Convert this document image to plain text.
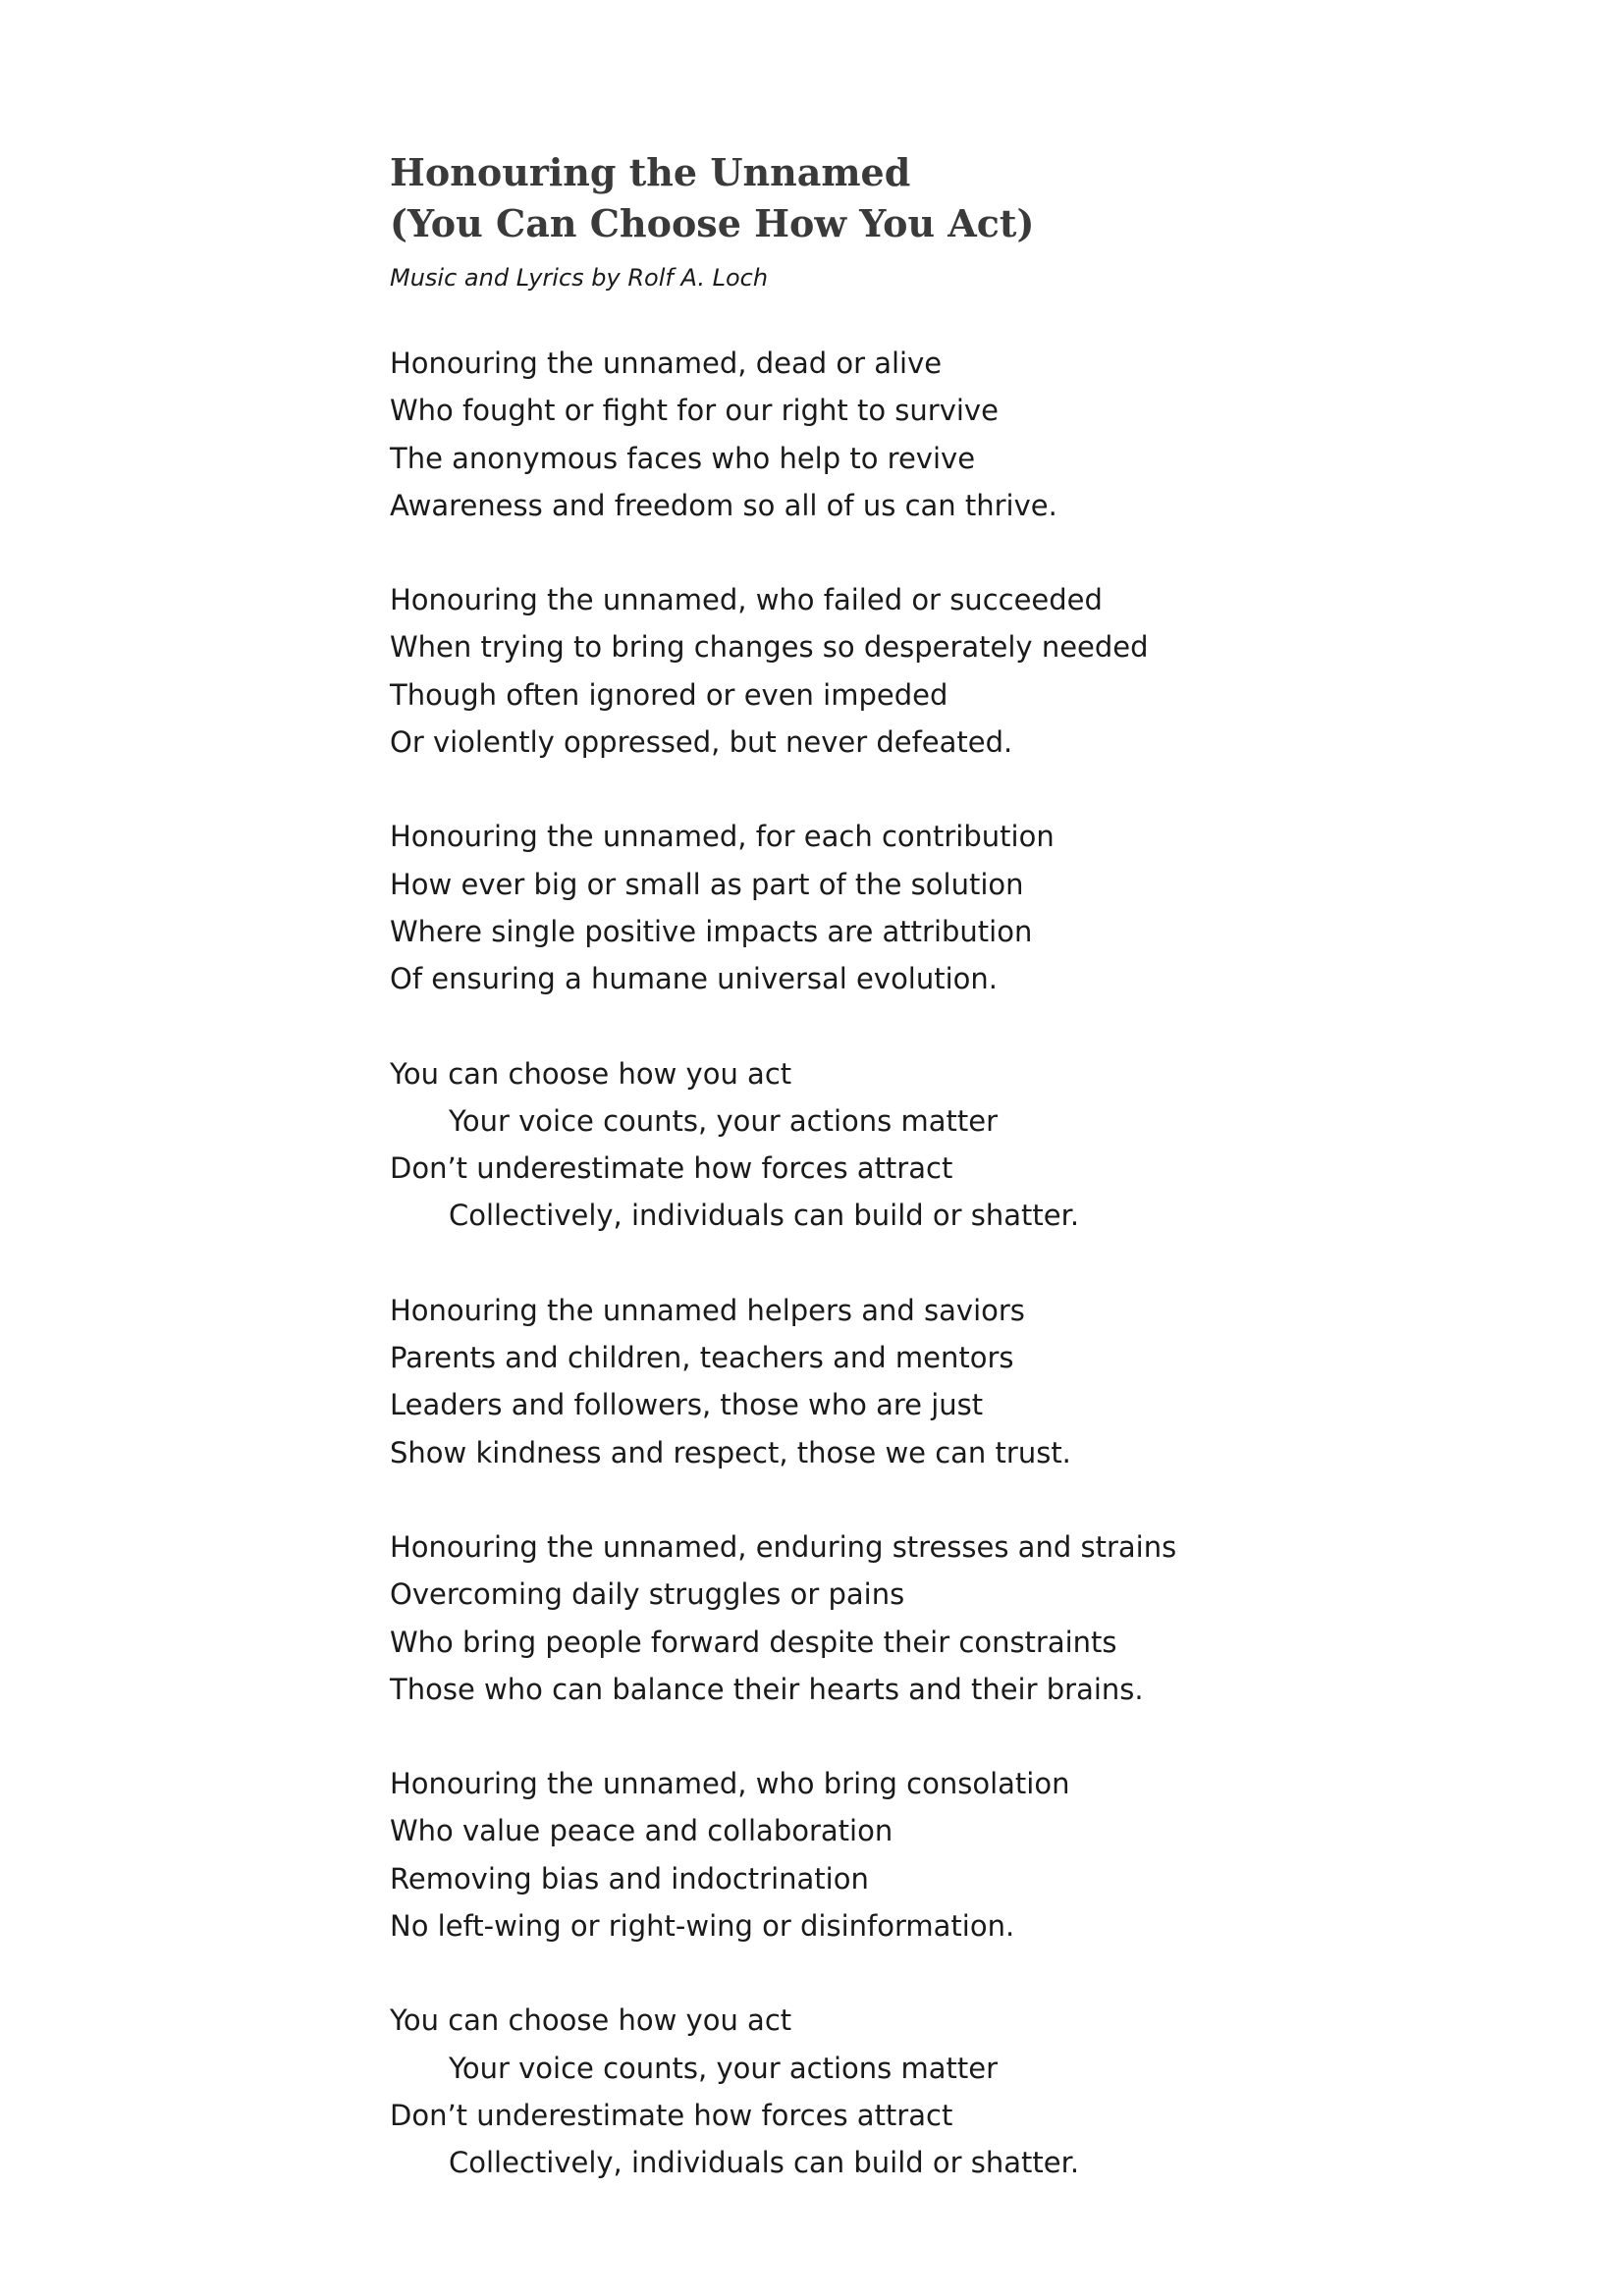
Honouring the Unnamed
(You Can Choose How You Act)
Music and Lyrics by Rolf A. Loch
Honouring the unnamed, dead or alive
Who fought or fight for our right to survive
The anonymous faces who help to revive
Awareness and freedom so all of us can thrive.
Honouring the unnamed, who failed or succeeded
When trying to bring changes so desperately needed
Though often ignored or even impeded
Or violently oppressed, but never defeated.
Honouring the unnamed, for each contribution
How ever big or small as part of the solution
Where single positive impacts are attribution
Of ensuring a humane universal evolution.
You can choose how you act
Your voice counts, your actions matter
Don’t underestimate how forces attract
Collectively, individuals can build or shatter.
Honouring the unnamed helpers and saviors
Parents and children, teachers and mentors
Leaders and followers, those who are just
Show kindness and respect, those we can trust.
Honouring the unnamed, enduring stresses and strains
Overcoming daily struggles or pains
Who bring people forward despite their constraints
Those who can balance their hearts and their brains.
Honouring the unnamed, who bring consolation
Who value peace and collaboration
Removing bias and indoctrination
No left-wing or right-wing or disinformation.
You can choose how you act
Your voice counts, your actions matter
Don’t underestimate how forces attract
Collectively, individuals can build or shatter.
